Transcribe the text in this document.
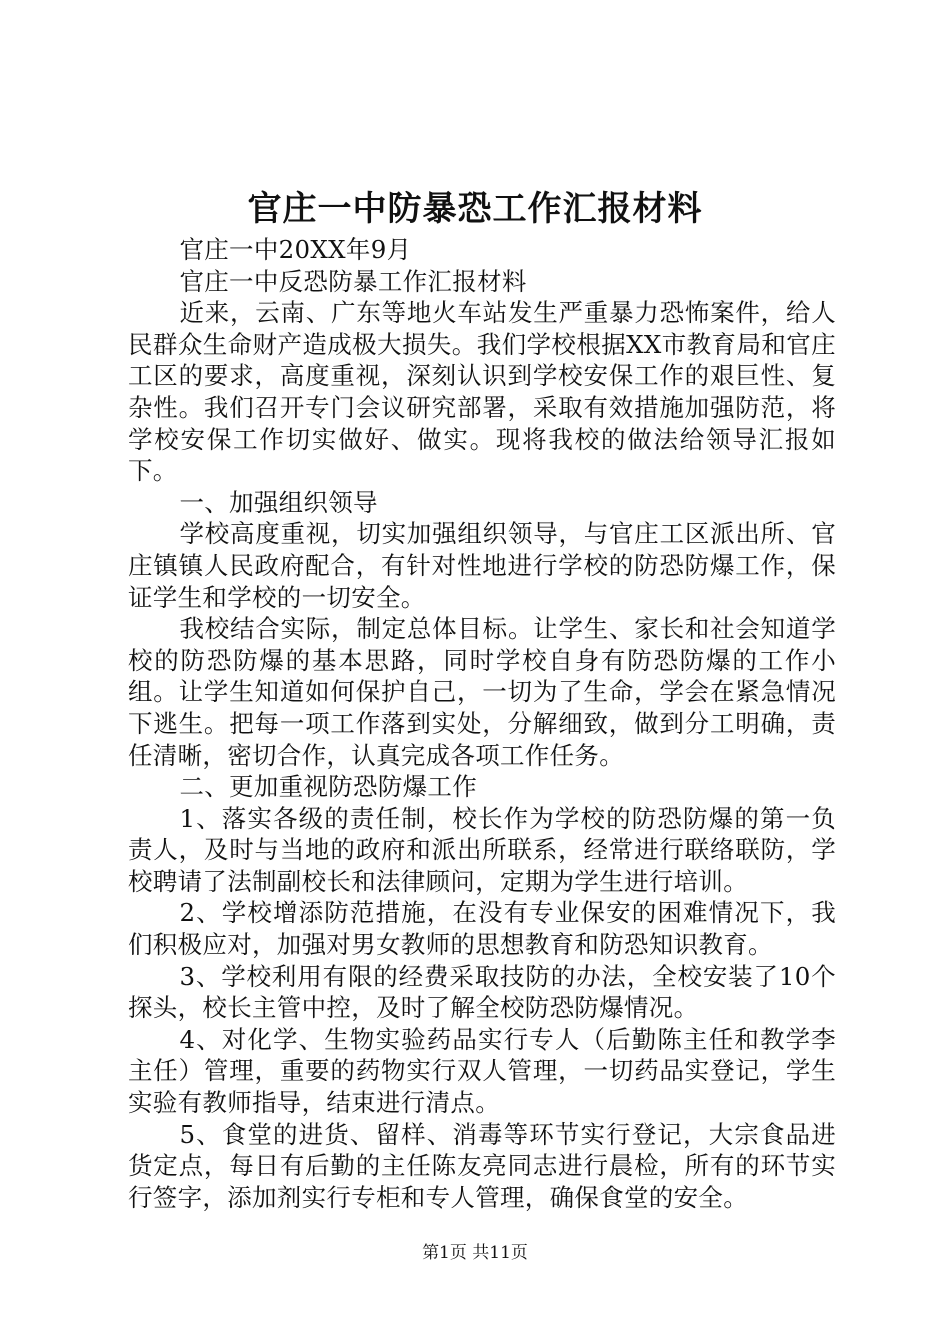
官庄一中防暴恐工作汇报材料

官庄一中20XX年9月

官庄一中反恐防暴工作汇报材料

近来，云南、广东等地火车站发生严重暴力恐怖案件，给人民群众生命财产造成极大损失。我们学校根据XX市教育局和官庄工区的要求，高度重视，深刻认识到学校安保工作的艰巨性、复杂性。我们召开专门会议研究部署，采取有效措施加强防范，将学校安保工作切实做好、做实。现将我校的做法给领导汇报如下。

一、加强组织领导

学校高度重视，切实加强组织领导，与官庄工区派出所、官庄镇镇人民政府配合，有针对性地进行学校的防恐防爆工作，保证学生和学校的一切安全。

我校结合实际，制定总体目标。让学生、家长和社会知道学校的防恐防爆的基本思路，同时学校自身有防恐防爆的工作小组。让学生知道如何保护自己，一切为了生命，学会在紧急情况下逃生。把每一项工作落到实处，分解细致，做到分工明确，责任清晰，密切合作，认真完成各项工作任务。

二、更加重视防恐防爆工作

1、落实各级的责任制，校长作为学校的防恐防爆的第一负责人，及时与当地的政府和派出所联系，经常进行联络联防，学校聘请了法制副校长和法律顾问，定期为学生进行培训。

2、学校增添防范措施，在没有专业保安的困难情况下，我们积极应对，加强对男女教师的思想教育和防恐知识教育。

3、学校利用有限的经费采取技防的办法，全校安装了10个探头，校长主管中控，及时了解全校防恐防爆情况。

4、对化学、生物实验药品实行专人（后勤陈主任和教学李主任）管理，重要的药物实行双人管理，一切药品实登记，学生实验有教师指导，结束进行清点。

5、食堂的进货、留样、消毒等环节实行登记，大宗食品进货定点，每日有后勤的主任陈友亮同志进行晨检，所有的环节实行签字，添加剂实行专柜和专人管理，确保食堂的安全。

第1页 共11页
